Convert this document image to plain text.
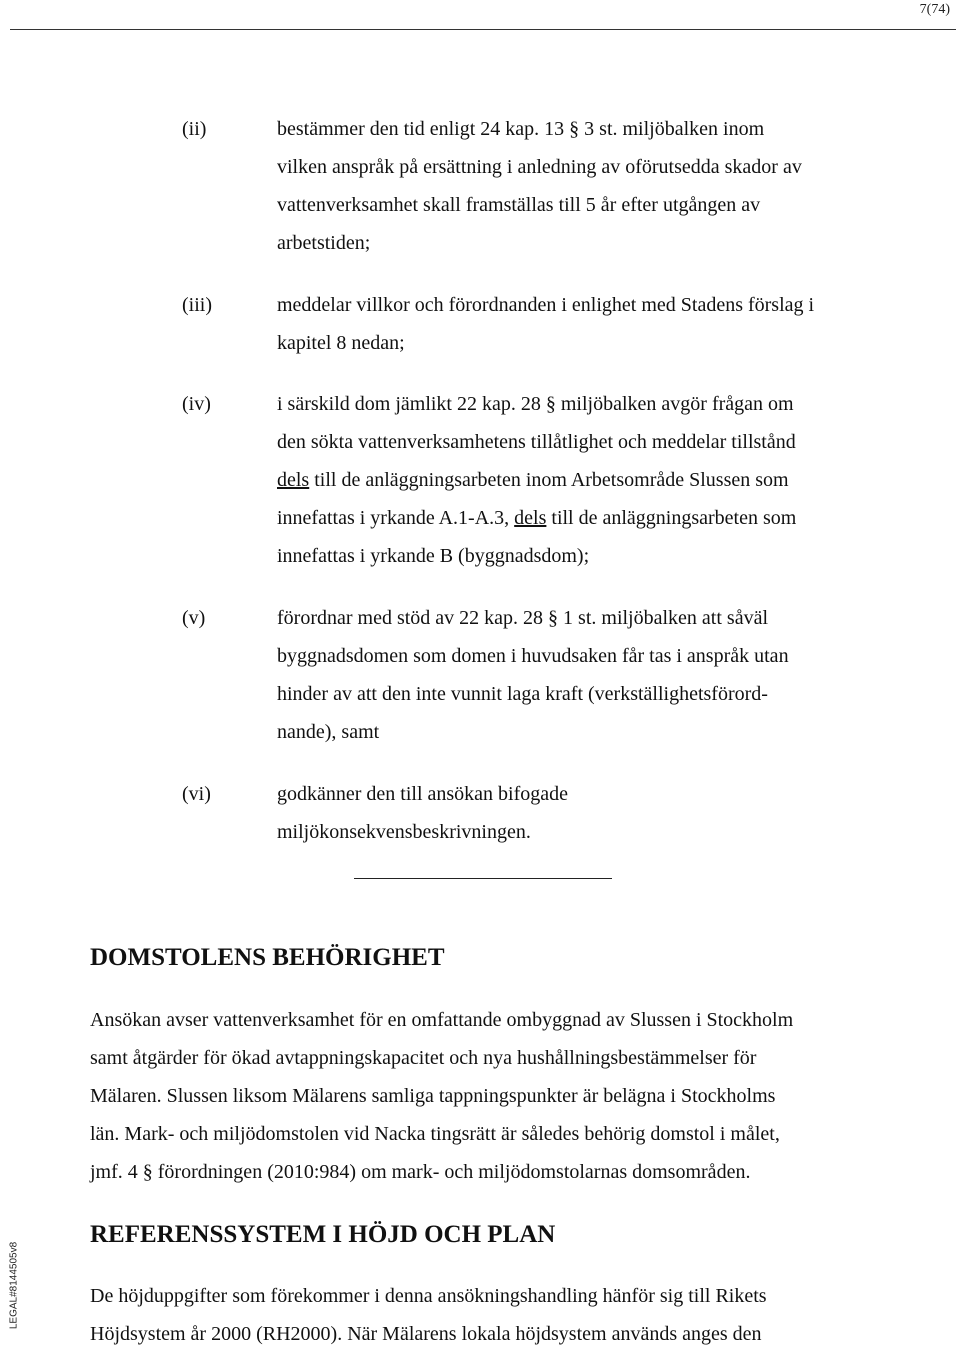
7(74)
(ii)	bestämmer den tid enligt 24 kap. 13 § 3 st. miljöbalken inom
vilken anspråk på ersättning i anledning av oförutsedda skador av
vattenverksamhet skall framställas till 5 år efter utgången av
arbetstiden;
(iii)	meddelar villkor och förordnanden i enlighet med Stadens förslag i
kapitel 8 nedan;
(iv)	i särskild dom jämlikt 22 kap. 28 § miljöbalken avgör frågan om
den sökta vattenverksamhetens tillåtlighet och meddelar tillstånd
dels till de anläggningsarbeten inom Arbetsområde Slussen som
innefattas i yrkande A.1-A.3, dels till de anläggningsarbeten som
innefattas i yrkande B (byggnadsdom);
(v)	förordnar med stöd av 22 kap. 28 § 1 st. miljöbalken att såväl
byggnadsdomen som domen i huvudsaken får tas i anspråk utan
hinder av att den inte vunnit laga kraft (verkställighetsförord-
nande), samt
(vi)	godkänner den till ansökan bifogade
miljökonsekvensbeskrivningen.
DOMSTOLENS BEHÖRIGHET
Ansökan avser vattenverksamhet för en omfattande ombyggnad av Slussen i Stockholm
samt åtgärder för ökad avtappningskapacitet och nya hushållningsbestämmelser för
Mälaren. Slussen liksom Mälarens samliga tappningspunkter är belägna i Stockholms
län. Mark- och miljödomstolen vid Nacka tingsrätt är således behörig domstol i målet,
jmf. 4 § förordningen (2010:984) om mark- och miljödomstolarnas domsområden.
REFERENSSYSTEM I HÖJD OCH PLAN
De höjduppgifter som förekommer i denna ansökningshandling hänför sig till Rikets
Höjdsystem år 2000 (RH2000). När Mälarens lokala höjdsystem används anges den
LEGAL#8144505v8
